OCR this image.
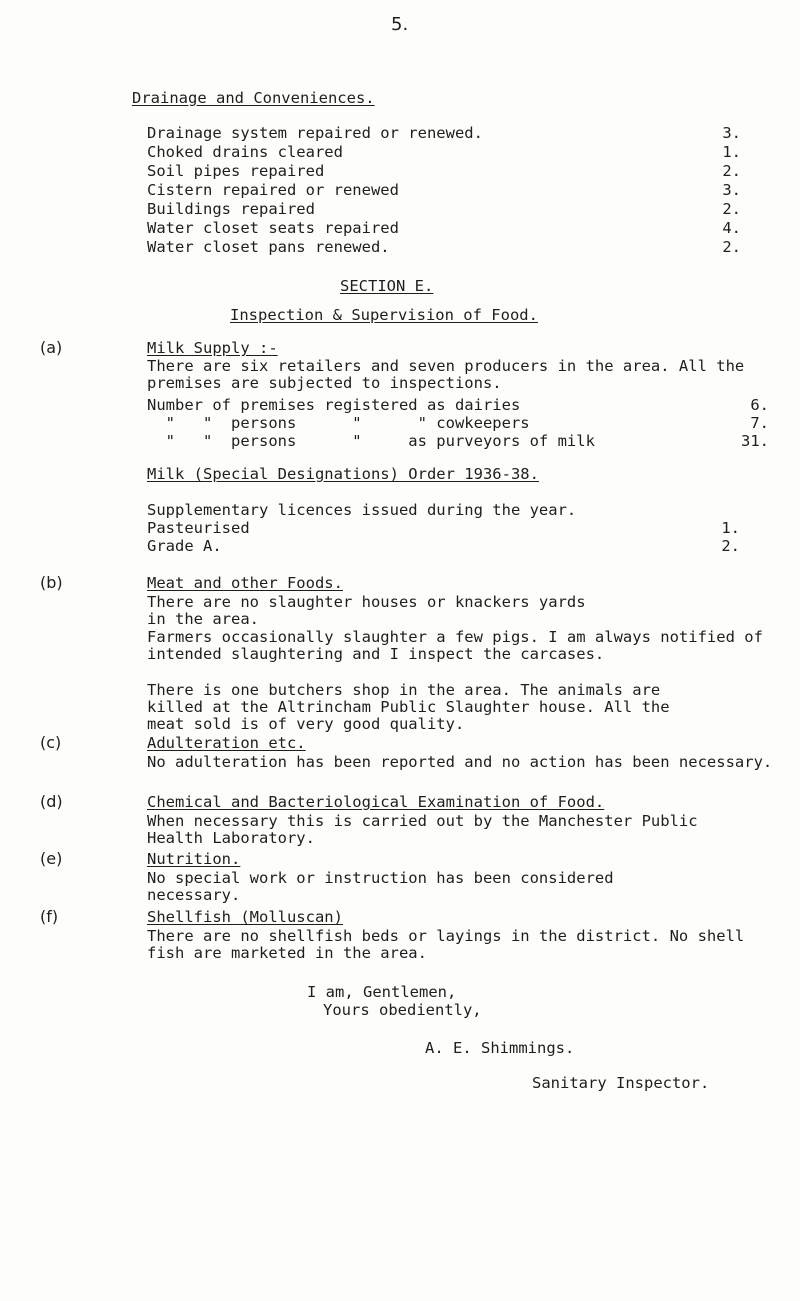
5.
Drainage and Conveniences.
Drainage system repaired or renewed.	3.
Choked drains cleared	1.
Soil pipes repaired	2.
Cistern repaired or renewed	3.
Buildings repaired	2.
Water closet seats repaired	4.
Water closet pans renewed.	2.
SECTION E.
Inspection & Supervision of Food.
(a)	Milk Supply :-
There are six retailers and seven producers in the area. All the premises are subjected to inspections.
Number of premises registered as dairies	6.
"   "  persons      "      " cowkeepers	7.
"   "  persons      "     as purveyors of milk	31.
Milk (Special Designations) Order 1936-38.
Supplementary licences issued during the year.
Pasteurised	1.
Grade A.	2.
(b)	Meat and other Foods.
There are no slaughter houses or knackers yards in the area.
Farmers occasionally slaughter a few pigs. I am always notified of intended slaughtering and I inspect the carcases.
There is one butchers shop in the area. The animals are killed at the Altrincham Public Slaughter house. All the meat sold is of very good quality.
(c)	Adulteration etc.
No adulteration has been reported and no action has been necessary.
(d)	Chemical and Bacteriological Examination of Food.
When necessary this is carried out by the Manchester Public Health Laboratory.
(e)	Nutrition.
No special work or instruction has been considered necessary.
(f)	Shellfish (Molluscan)
There are no shellfish beds or layings in the district. No shell fish are marketed in the area.
I am, Gentlemen,
Yours obediently,
A. E. Shimmings.
Sanitary Inspector.
